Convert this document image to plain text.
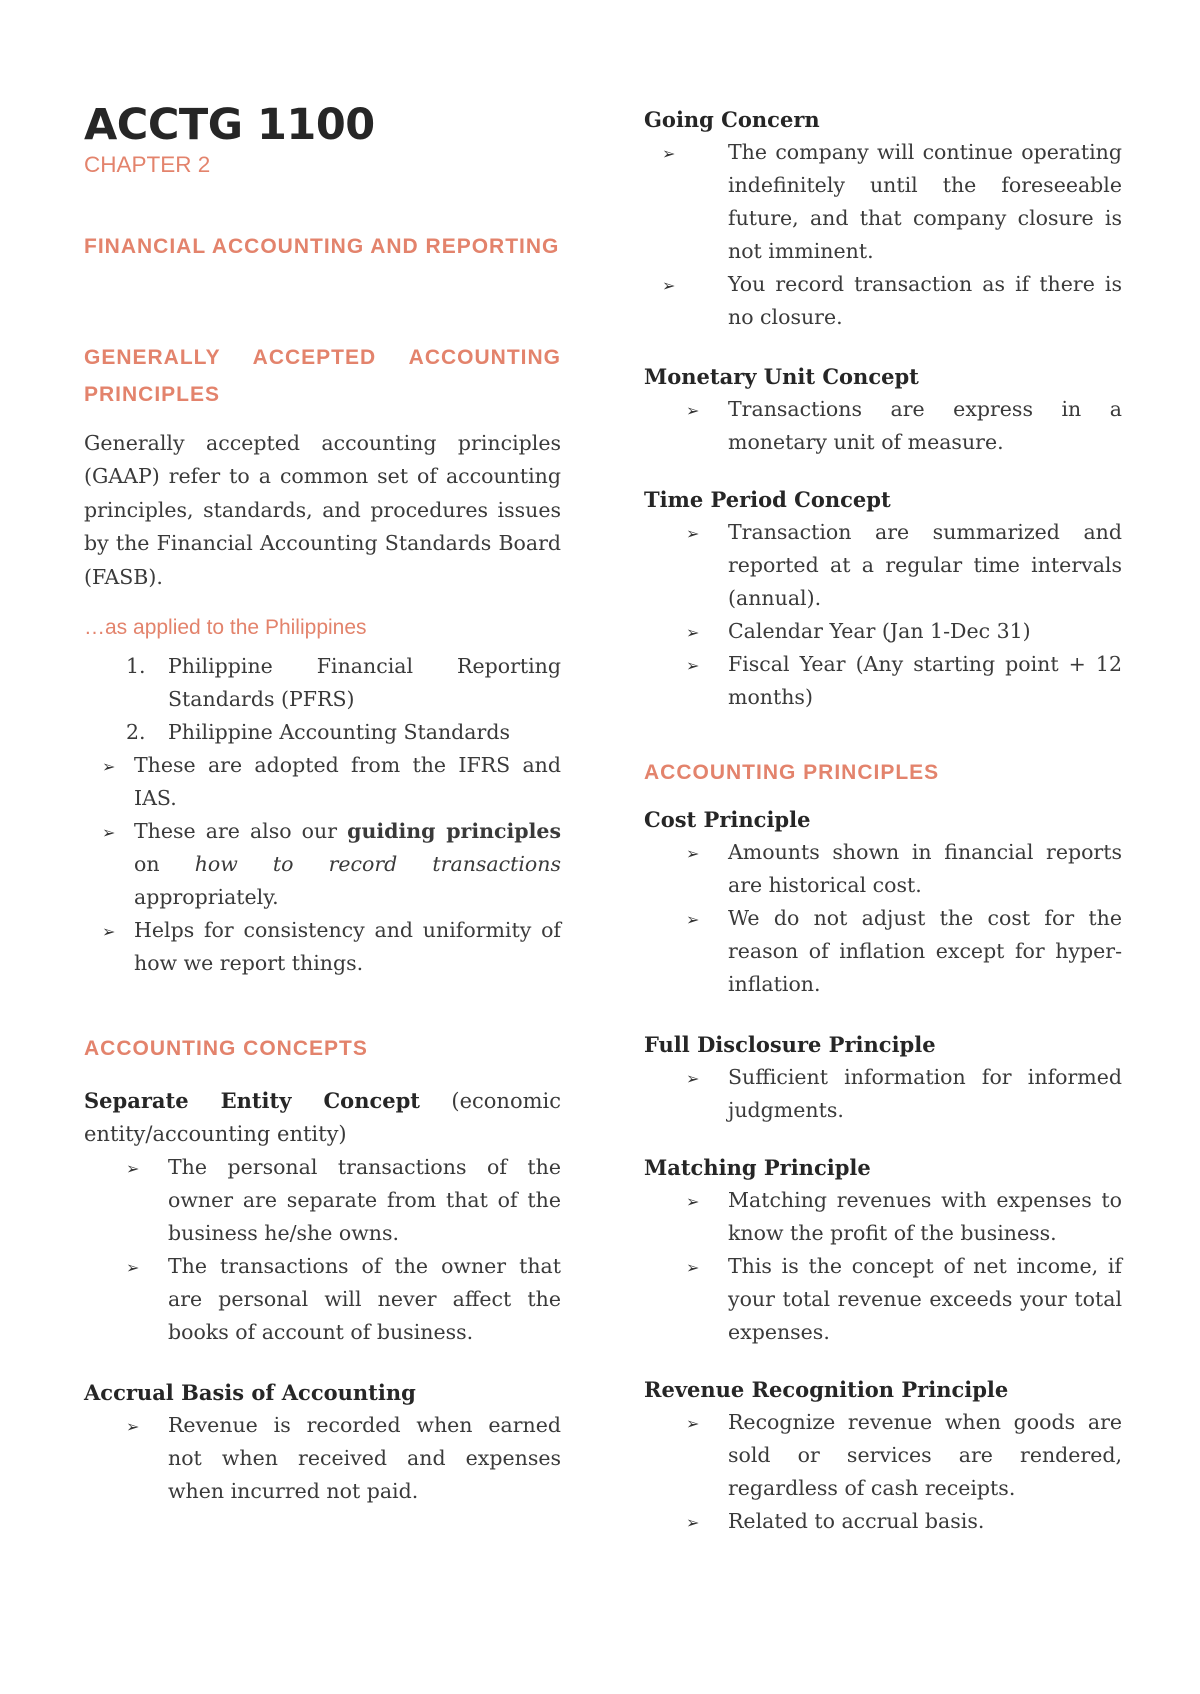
ACCTG 1100
CHAPTER 2
FINANCIAL ACCOUNTING AND REPORTING
GENERALLY ACCEPTED ACCOUNTING PRINCIPLES

Generally accepted accounting principles (GAAP) refer to a common set of accounting principles, standards, and procedures issues by the Financial Accounting Standards Board (FASB).

…as applied to the Philippines
1. Philippine Financial Reporting Standards (PFRS)
2. Philippine Accounting Standards
➢ These are adopted from the IFRS and IAS.
➢ These are also our guiding principles on how to record transactions appropriately.
➢ Helps for consistency and uniformity of how we report things.
ACCOUNTING CONCEPTS
Separate Entity Concept (economic entity/accounting entity)
➢ The personal transactions of the owner are separate from that of the business he/she owns.
➢ The transactions of the owner that are personal will never affect the books of account of business.
Accrual Basis of Accounting
➢ Revenue is recorded when earned not when received and expenses when incurred not paid.
Going Concern
➢ The company will continue operating indefinitely until the foreseeable future, and that company closure is not imminent.
➢ You record transaction as if there is no closure.
Monetary Unit Concept
➢ Transactions are express in a monetary unit of measure.
Time Period Concept
➢ Transaction are summarized and reported at a regular time intervals (annual).
➢ Calendar Year (Jan 1-Dec 31)
➢ Fiscal Year (Any starting point + 12 months)
ACCOUNTING PRINCIPLES
Cost Principle
➢ Amounts shown in financial reports are historical cost.
➢ We do not adjust the cost for the reason of inflation except for hyper-inflation.
Full Disclosure Principle
➢ Sufficient information for informed judgments.
Matching Principle
➢ Matching revenues with expenses to know the profit of the business.
➢ This is the concept of net income, if your total revenue exceeds your total expenses.
Revenue Recognition Principle
➢ Recognize revenue when goods are sold or services are rendered, regardless of cash receipts.
➢ Related to accrual basis.
